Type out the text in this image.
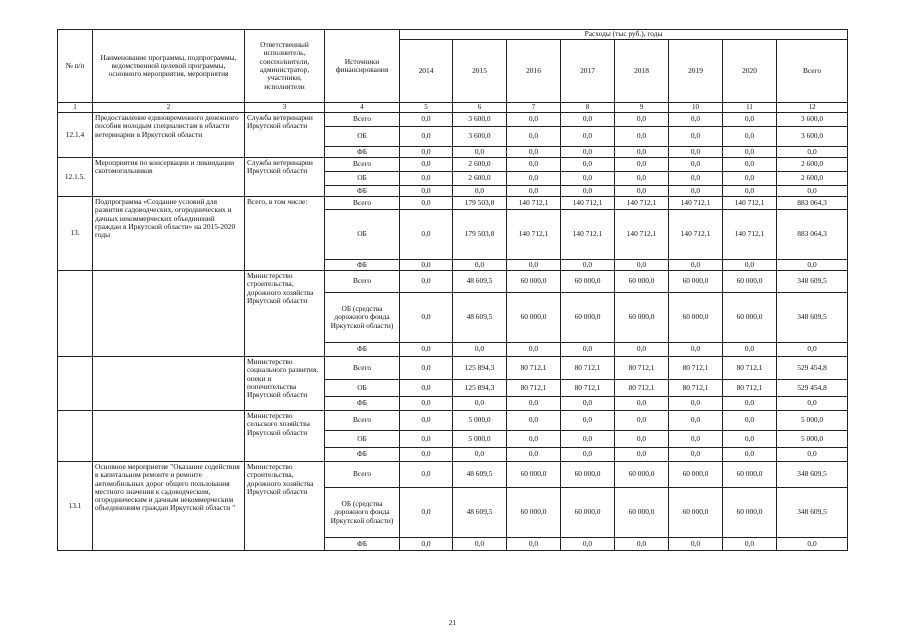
№ п/п	Наименование программы, подпрограммы, ведомственной целевой программы, основного мероприятия, мероприятия	Ответственный исполнитель, соисполнители, администратор, участники, исполнители	Источники финансирования	Расходы (тыс руб.), годы							
				2014	2015	2016	2017	2018	2019	2020	Всего
1	2	3	4	5	6	7	8	9	10	11	12
12.1.4	Предоставление единовременного денежного пособия молодым специалистам в области ветеринарии в Иркутской области	Служба ветеринарии Иркутской области	Всего	0,0	3 600,0	0,0	0,0	0,0	0,0	0,0	3 600,0
			ОБ	0,0	3 600,0	0,0	0,0	0,0	0,0	0,0	3 600,0
			ФБ	0,0	0,0	0,0	0,0	0,0	0,0	0,0	0,0
12.1.5.	Мероприятия по консервации и ликвидации скотомогильников	Служба ветеринарии Иркутской области	Всего	0,0	2 600,0	0,0	0,0	0,0	0,0	0,0	2 600,0
			ОБ	0,0	2 600,0	0,0	0,0	0,0	0,0	0,0	2 600,0
			ФБ	0,0	0,0	0,0	0,0	0,0	0,0	0,0	0,0
13.	Подпрограмма «Создание условий для развития садоводческих, огороднических и дачных некоммерческих объединений граждан в Иркутской области» на 2015-2020 годы	Всего, в том числе:	Всего	0,0	179 503,8	140 712,1	140 712,1	140 712,1	140 712,1	140 712,1	883 064,3
			ОБ	0,0	179 503,8	140 712,1	140 712,1	140 712,1	140 712,1	140 712,1	883 064,3
			ФБ	0,0	0,0	0,0	0,0	0,0	0,0	0,0	0,0
		Министерство строительства, дорожного хозяйства Иркутской области	Всего	0,0	48 609,5	60 000,0	60 000,0	60 000,0	60 000,0	60 000,0	348 609,5
			ОБ (средства дорожного фонда Иркутской области)	0,0	48 609,5	60 000,0	60 000,0	60 000,0	60 000,0	60 000,0	348 609,5
			ФБ	0,0	0,0	0,0	0,0	0,0	0,0	0,0	0,0
		Министерство социального развития, опеки и попечительства Иркутской области	Всего	0,0	125 894,3	80 712,1	80 712,1	80 712,1	80 712,1	80 712,1	529 454,8
			ОБ	0,0	125 894,3	80 712,1	80 712,1	80 712,1	80 712,1	80 712,1	529 454,8
			ФБ	0,0	0,0	0,0	0,0	0,0	0,0	0,0	0,0
		Министерство сельского хозяйства Иркутской области	Всего	0,0	5 000,0	0,0	0,0	0,0	0,0	0,0	5 000,0
			ОБ	0,0	5 000,0	0,0	0,0	0,0	0,0	0,0	5 000,0
			ФБ	0,0	0,0	0,0	0,0	0,0	0,0	0,0	0,0
13.1	Основное мероприятие "Оказание содействия в капитальном ремонте и ремонте автомобильных дорог общего пользования местного значения к садоводческим, огородническим и дачным некоммерческим объединениям граждан Иркутской области "	Министерство строительства, дорожного хозяйства Иркутской области	Всего	0,0	48 609,5	60 000,0	60 000,0	60 000,0	60 000,0	60 000,0	348 609,5
			ОБ (средства дорожного фонда Иркутской области)	0,0	48 609,5	60 000,0	60 000,0	60 000,0	60 000,0	60 000,0	348 609,5
			ФБ	0,0	0,0	0,0	0,0	0,0	0,0	0,0	0,0
21
